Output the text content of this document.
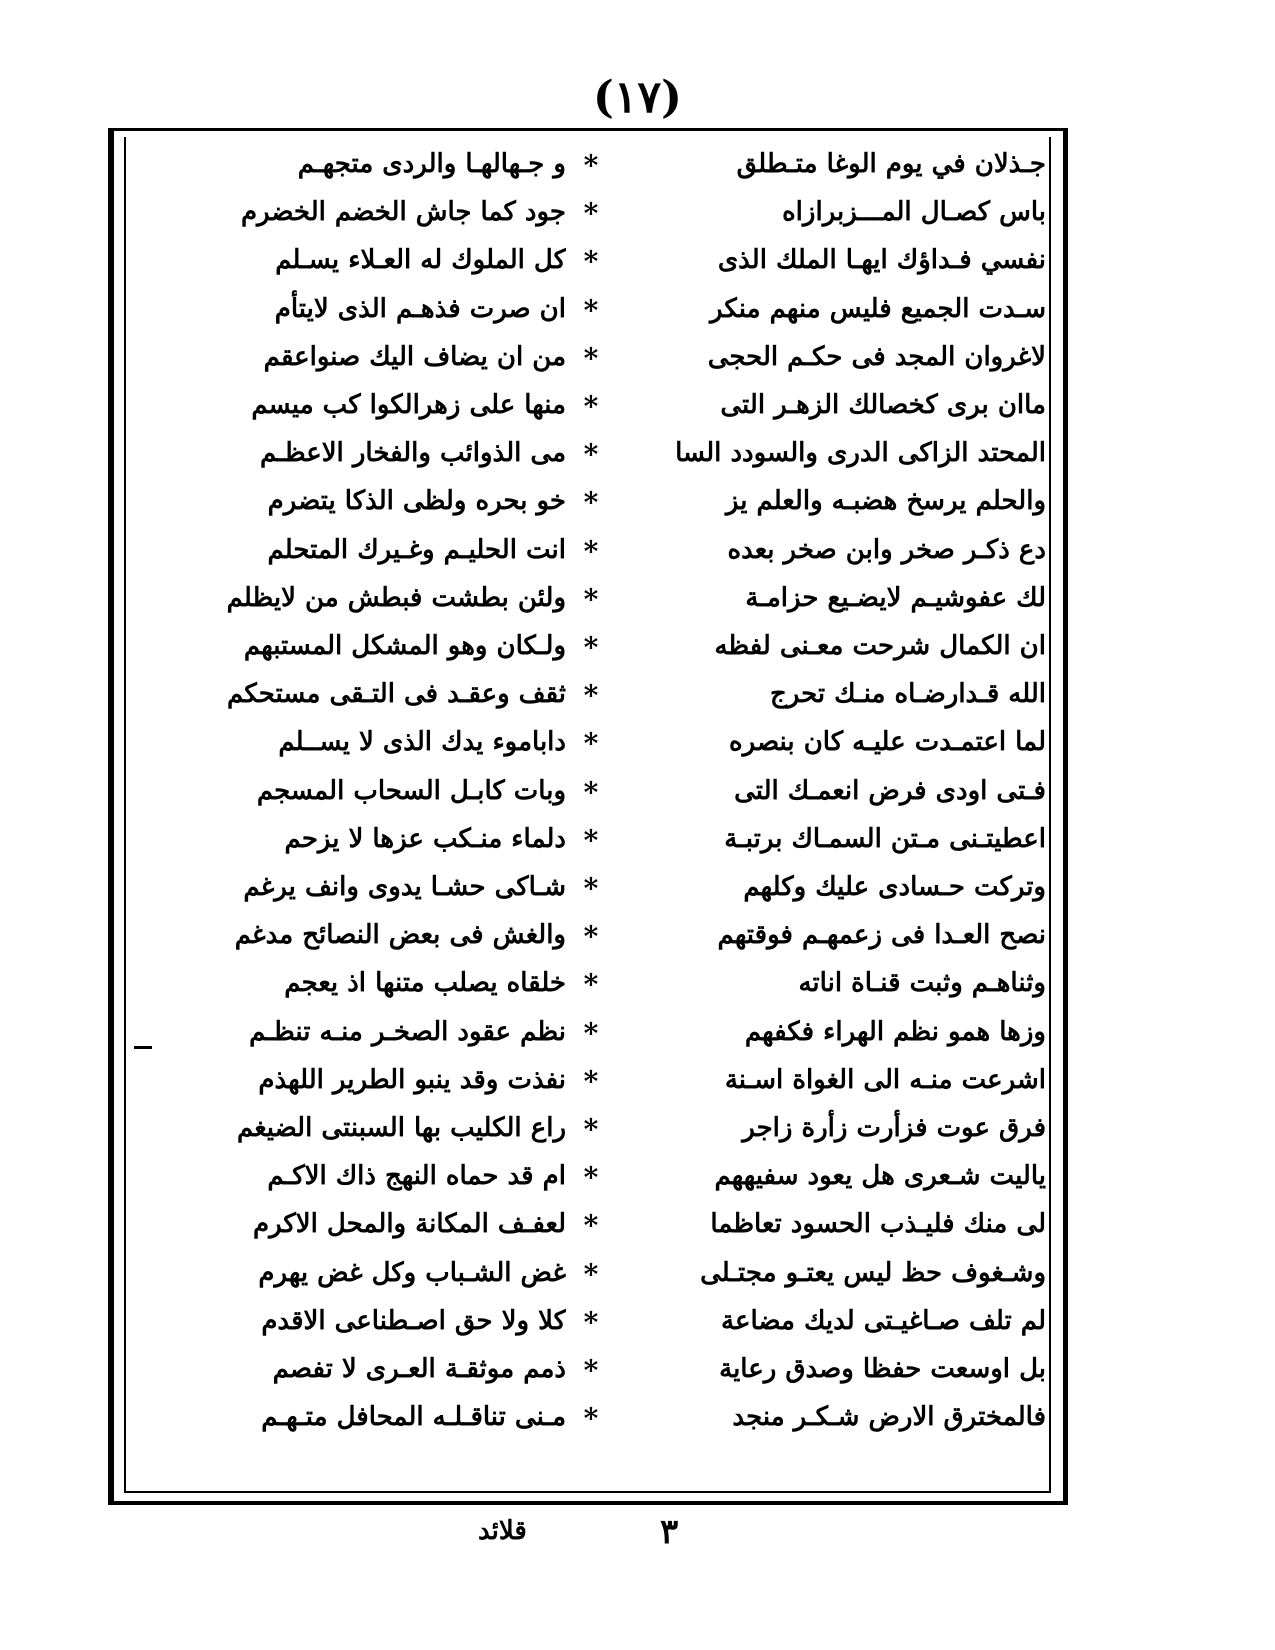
(١٧)
جـذلان في يوم الوغا متـطلق
*
و جـهالهـا والردى متجهـم
باس كصـال المـــزبرازاه
*
جود كما جاش الخضم الخضرم
نفسي فـداؤك ايهـا الملك الذى
*
كل الملوك له العـلاء يسـلم
سـدت الجميع فليس منهم منكر
*
ان صرت فذهـم الذى لايتأم
لاغروان المجد فى حكـم الحجى
*
من ان يضاف اليك صنواعقم
ماان برى كخصالك الزهـر التى
*
منها على زهرالكوا كب ميسم
المحتد الزاكى الدرى والسودد السا
*
مى الذوائب والفخار الاعظـم
والحلم يرسخ هضبـه والعلم يز
*
خو بحره ولظى الذكا يتضرم
دع ذكـر صخر وابن صخر بعده
*
انت الحليـم وغـيرك المتحلم
لك عفوشيـم لايضـيع حزامـة
*
ولئن بطشت فبطش من لايظلم
ان الكمال شرحت معـنى لفظه
*
ولـكان وهو المشكل المستبهم
الله قـدارضـاه منـك تحرج
*
ثقف وعقـد فى التـقى مستحكم
لما اعتمـدت عليـه كان بنصره
*
داباموء يدك الذى لا يســلم
فـتى اودى فرض انعمـك التى
*
وبات كابـل السحاب المسجم
اعطيتـنى مـتن السمـاك برتبـة
*
دلماء منـكب عزها لا يزحم
وتركت حـسادى عليك وكلهم
*
شـاكى حشـا يدوى وانف يرغم
نصح العـدا فى زعمهـم فوقتهم
*
والغش فى بعض النصائح مدغم
وثناهـم وثبت قنـاة اناته
*
خلقاه يصلب متنها اذ يعجم
وزها همو نظم الهراء فكفهم
*
نظم عقود الصخـر منـه تنظـم
اشرعت منـه الى الغواة اسـنة
*
نفذت وقد ينبو الطرير اللهذم
فرق عوت فزأرت زأرة زاجر
*
راع الكليب بها السبنتى الضيغم
ياليت شـعرى هل يعود سفيههم
*
ام قد حماه النهج ذاك الاكـم
لى منك فليـذب الحسود تعاظما
*
لعفـف المكانة والمحل الاكرم
وشـغوف حظ ليس يعتـو مجتـلى
*
غض الشـباب وكل غض يهرم
لم تلف صـاغيـتى لديك مضاعة
*
كلا ولا حق اصـطناعى الاقدم
بل اوسعت حفظا وصدق رعاية
*
ذمم موثقـة العـرى لا تفصم
فالمخترق الارض شـكـر منجد
*
مـنى تناقـلـه المحافل متـهـم
٣
قلائد
